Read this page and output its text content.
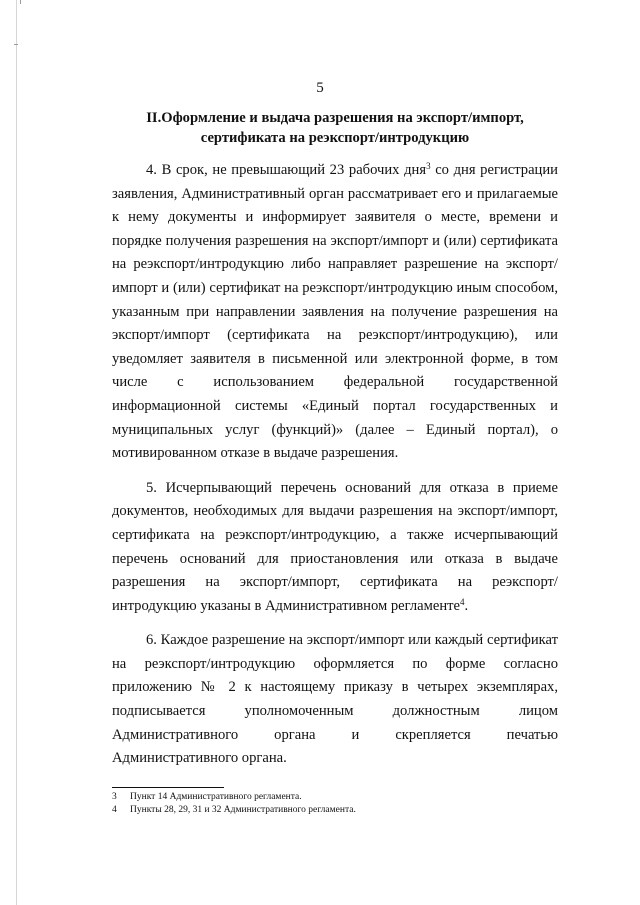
5
II.Оформление и выдача разрешения на экспорт/импорт, сертификата на реэкспорт/интродукцию

4. В срок, не превышающий 23 рабочих дня$^3$ со дня регистрации заявления, Административный орган рассматривает его и прилагаемые к нему документы и информирует заявителя о месте, времени и порядке получения разрешения на экспорт/импорт и (или) сертификата на реэкспорт/интродукцию либо направляет разрешение на экспорт/импорт и (или) сертификат на реэкспорт/интродукцию иным способом, указанным при направлении заявления на получение разрешения на экспорт/импорт (сертификата на реэкспорт/интродукцию), или уведомляет заявителя в письменной или электронной форме, в том числе с использованием федеральной государственной информационной системы «Единый портал государственных и муниципальных услуг (функций)» (далее – Единый портал), о мотивированном отказе в выдаче разрешения.

5. Исчерпывающий перечень оснований для отказа в приеме документов, необходимых для выдачи разрешения на экспорт/импорт, сертификата на реэкспорт/интродукцию, а также исчерпывающий перечень оснований для приостановления или отказа в выдаче разрешения на экспорт/импорт, сертификата на реэкспорт/интродукцию указаны в Административном регламенте$^4$.

6. Каждое разрешение на экспорт/импорт или каждый сертификат на реэкспорт/интродукцию оформляется по форме согласно приложению № 2 к настоящему приказу в четырех экземплярах, подписывается уполномоченным должностным лицом Административного органа и скрепляется печатью Административного органа.

3	Пункт 14 Административного регламента.
4	Пункты 28, 29, 31 и 32 Административного регламента.
